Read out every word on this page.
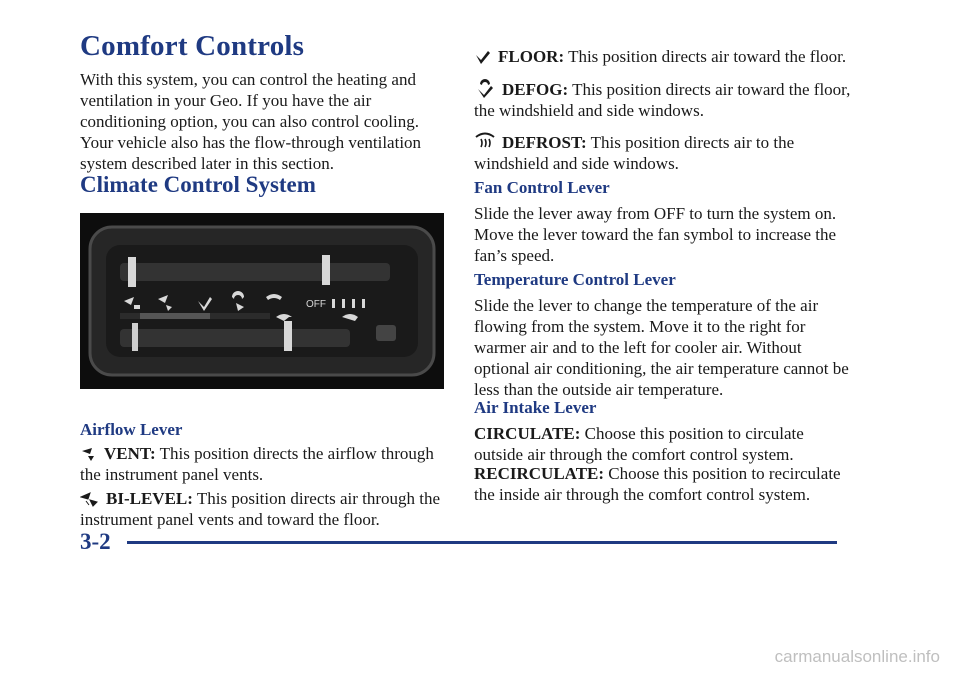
Comfort Controls

With this system, you can control the heating and ventilation in your Geo. If you have the air conditioning option, you can also control cooling.

Your vehicle also has the flow-through ventilation system described later in this section.

Climate Control System
OFF
Airflow Lever

VENT: This position directs the airflow through the instrument panel vents.

BI-LEVEL: This position directs air through the instrument panel vents and toward the floor.

FLOOR: This position directs air toward the floor.

DEFOG: This position directs air toward the floor, the windshield and side windows.

DEFROST: This position directs air to the windshield and side windows.

Fan Control Lever

Slide the lever away from OFF to turn the system on. Move the lever toward the fan symbol to increase the fan’s speed.

Temperature Control Lever

Slide the lever to change the temperature of the air flowing from the system. Move it to the right for warmer air and to the left for cooler air. Without optional air conditioning, the air temperature cannot be less than the outside air temperature.

Air Intake Lever

CIRCULATE: Choose this position to circulate outside air through the comfort control system.

RECIRCULATE: Choose this position to recirculate the inside air through the comfort control system.

3-2
carmanualsonline.info
